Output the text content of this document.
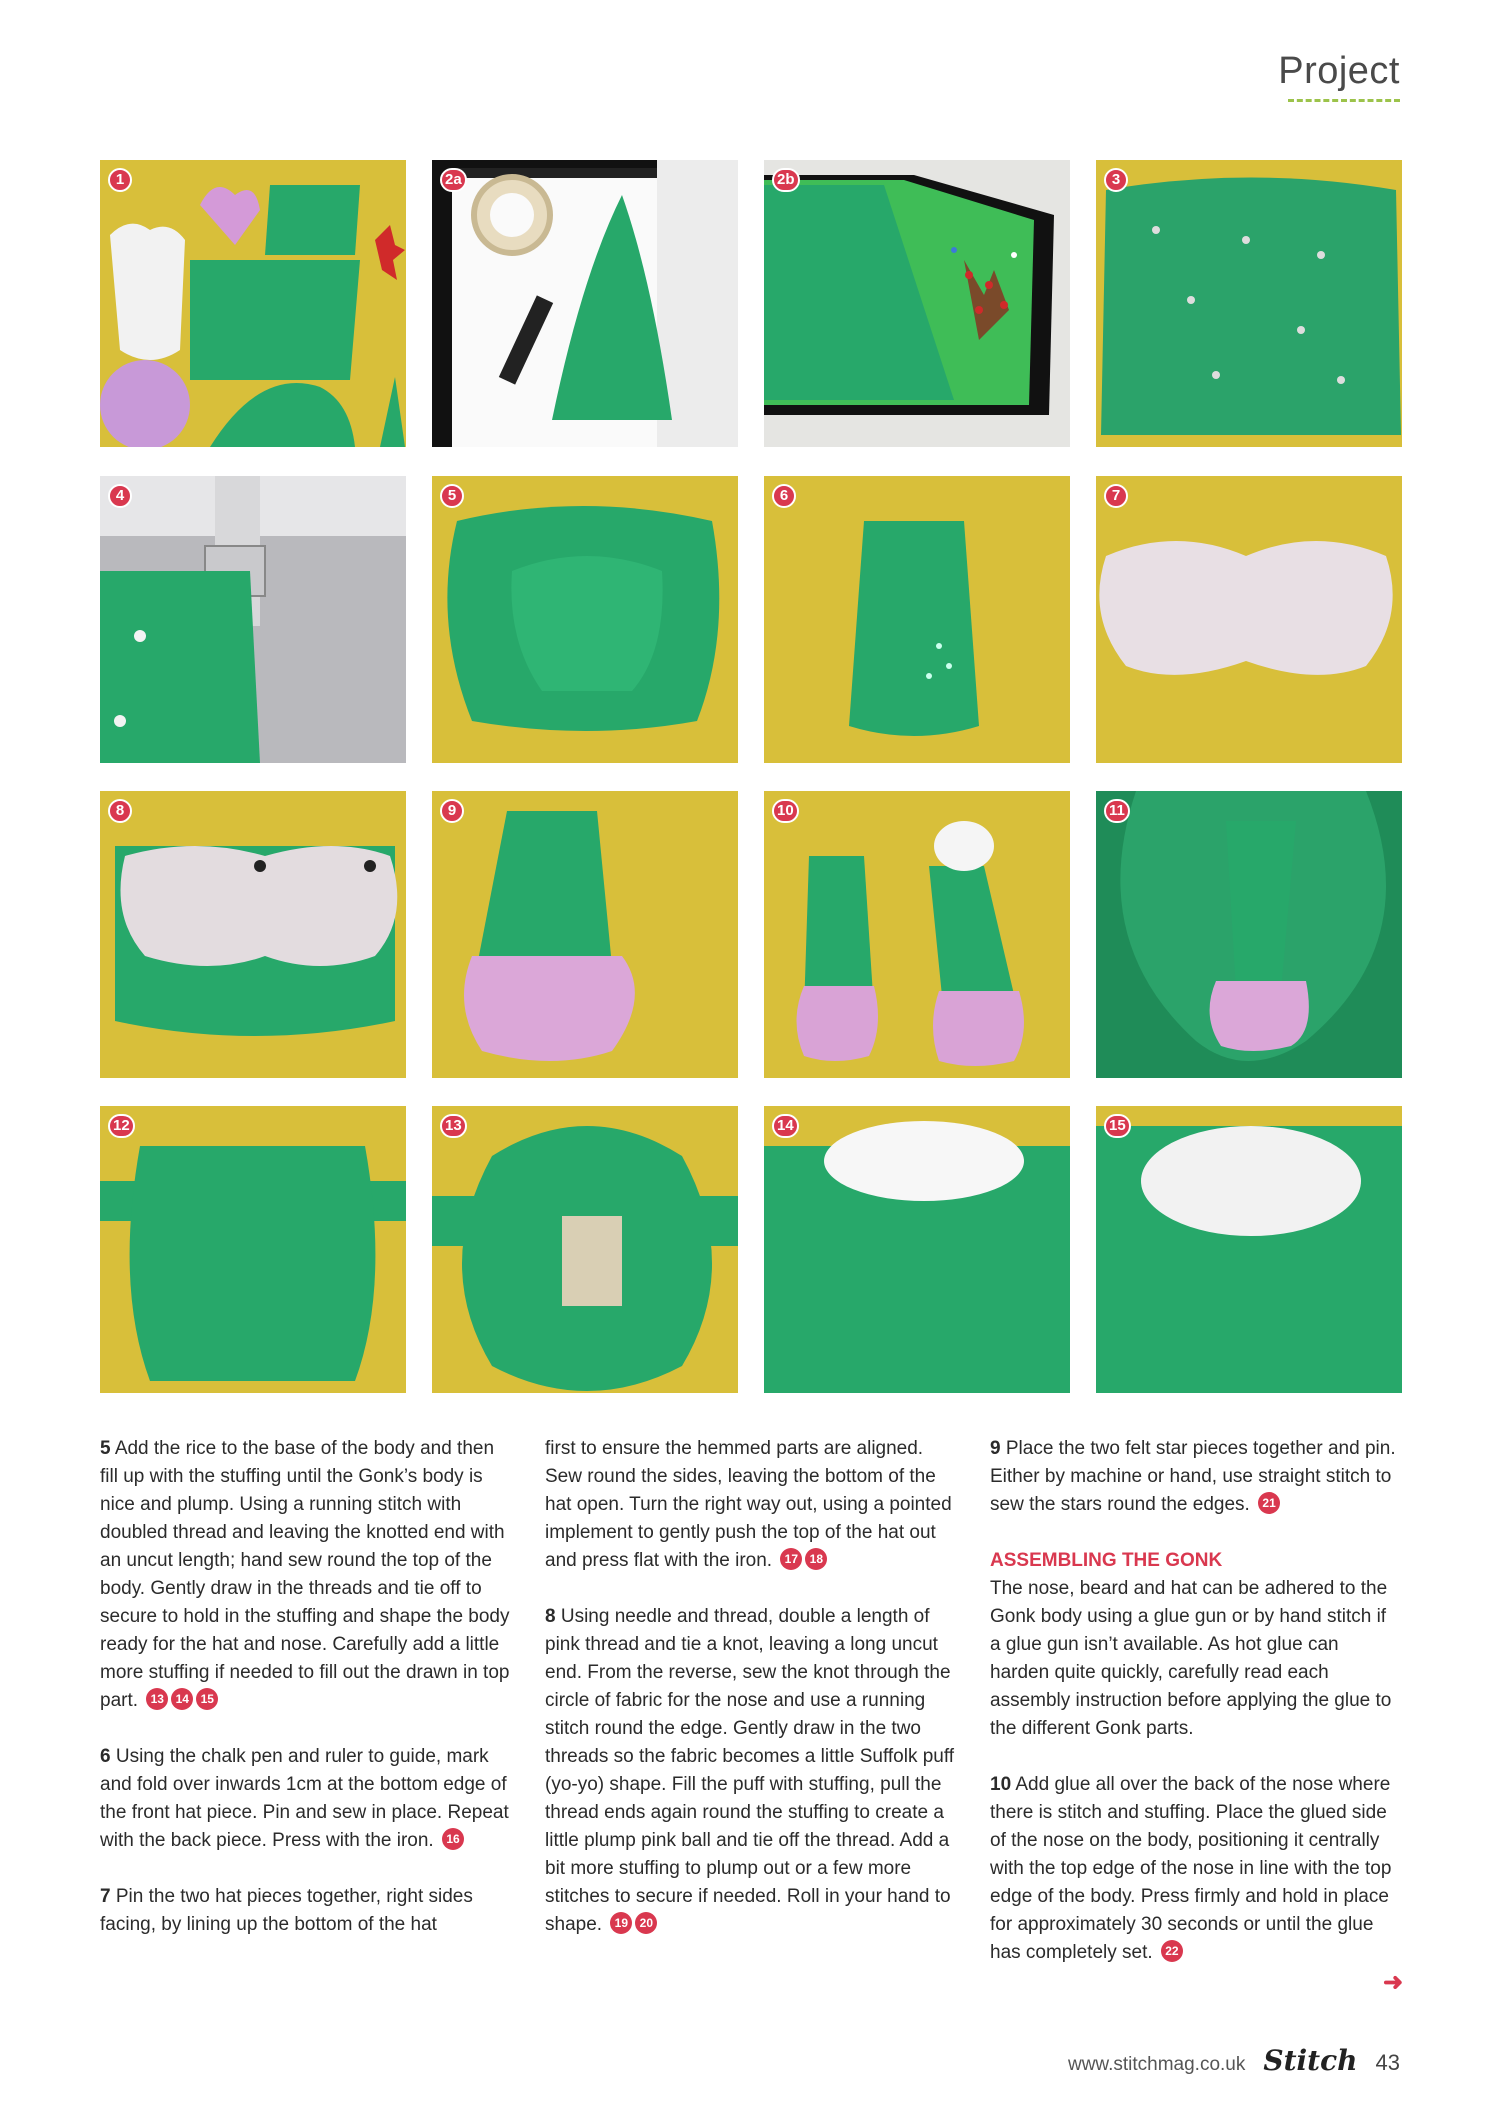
Project
1	2a	2b	3
4	5	6	7
8	9	10	11
12	13	14	15

5 Add the rice to the base of the body and then fill up with the stuffing until the Gonk’s body is nice and plump. Using a running stitch with doubled thread and leaving the knotted end with an uncut length; hand sew round the top of the body. Gently draw in the threads and tie off to secure to hold in the stuffing and shape the body ready for the hat and nose. Carefully add a little more stuffing if needed to fill out the drawn in top part. 13 14 15

6 Using the chalk pen and ruler to guide, mark and fold over inwards 1cm at the bottom edge of the front hat piece. Pin and sew in place. Repeat with the back piece. Press with the iron. 16

7 Pin the two hat pieces together, right sides facing, by lining up the bottom of the hat

first to ensure the hemmed parts are aligned. Sew round the sides, leaving the bottom of the hat open. Turn the right way out, using a pointed implement to gently push the top of the hat out and press flat with the iron. 17 18

8 Using needle and thread, double a length of pink thread and tie a knot, leaving a long uncut end. From the reverse, sew the knot through the circle of fabric for the nose and use a running stitch round the edge. Gently draw in the two threads so the fabric becomes a little Suffolk puff (yo-yo) shape. Fill the puff with stuffing, pull the thread ends again round the stuffing to create a little plump pink ball and tie off the thread. Add a bit more stuffing to plump out or a few more stitches to secure if needed. Roll in your hand to shape. 19 20

9 Place the two felt star pieces together and pin. Either by machine or hand, use straight stitch to sew the stars round the edges. 21

ASSEMBLING THE GONK

The nose, beard and hat can be adhered to the Gonk body using a glue gun or by hand stitch if a glue gun isn’t available. As hot glue can harden quite quickly, carefully read each assembly instruction before applying the glue to the different Gonk parts.

10 Add glue all over the back of the nose where there is stitch and stuffing. Place the glued side of the nose on the body, positioning it centrally with the top edge of the nose in line with the top edge of the body. Press firmly and hold in place for approximately 30 seconds or until the glue has completely set. 22

➜
www.stitchmag.co.uk Stitch 43
